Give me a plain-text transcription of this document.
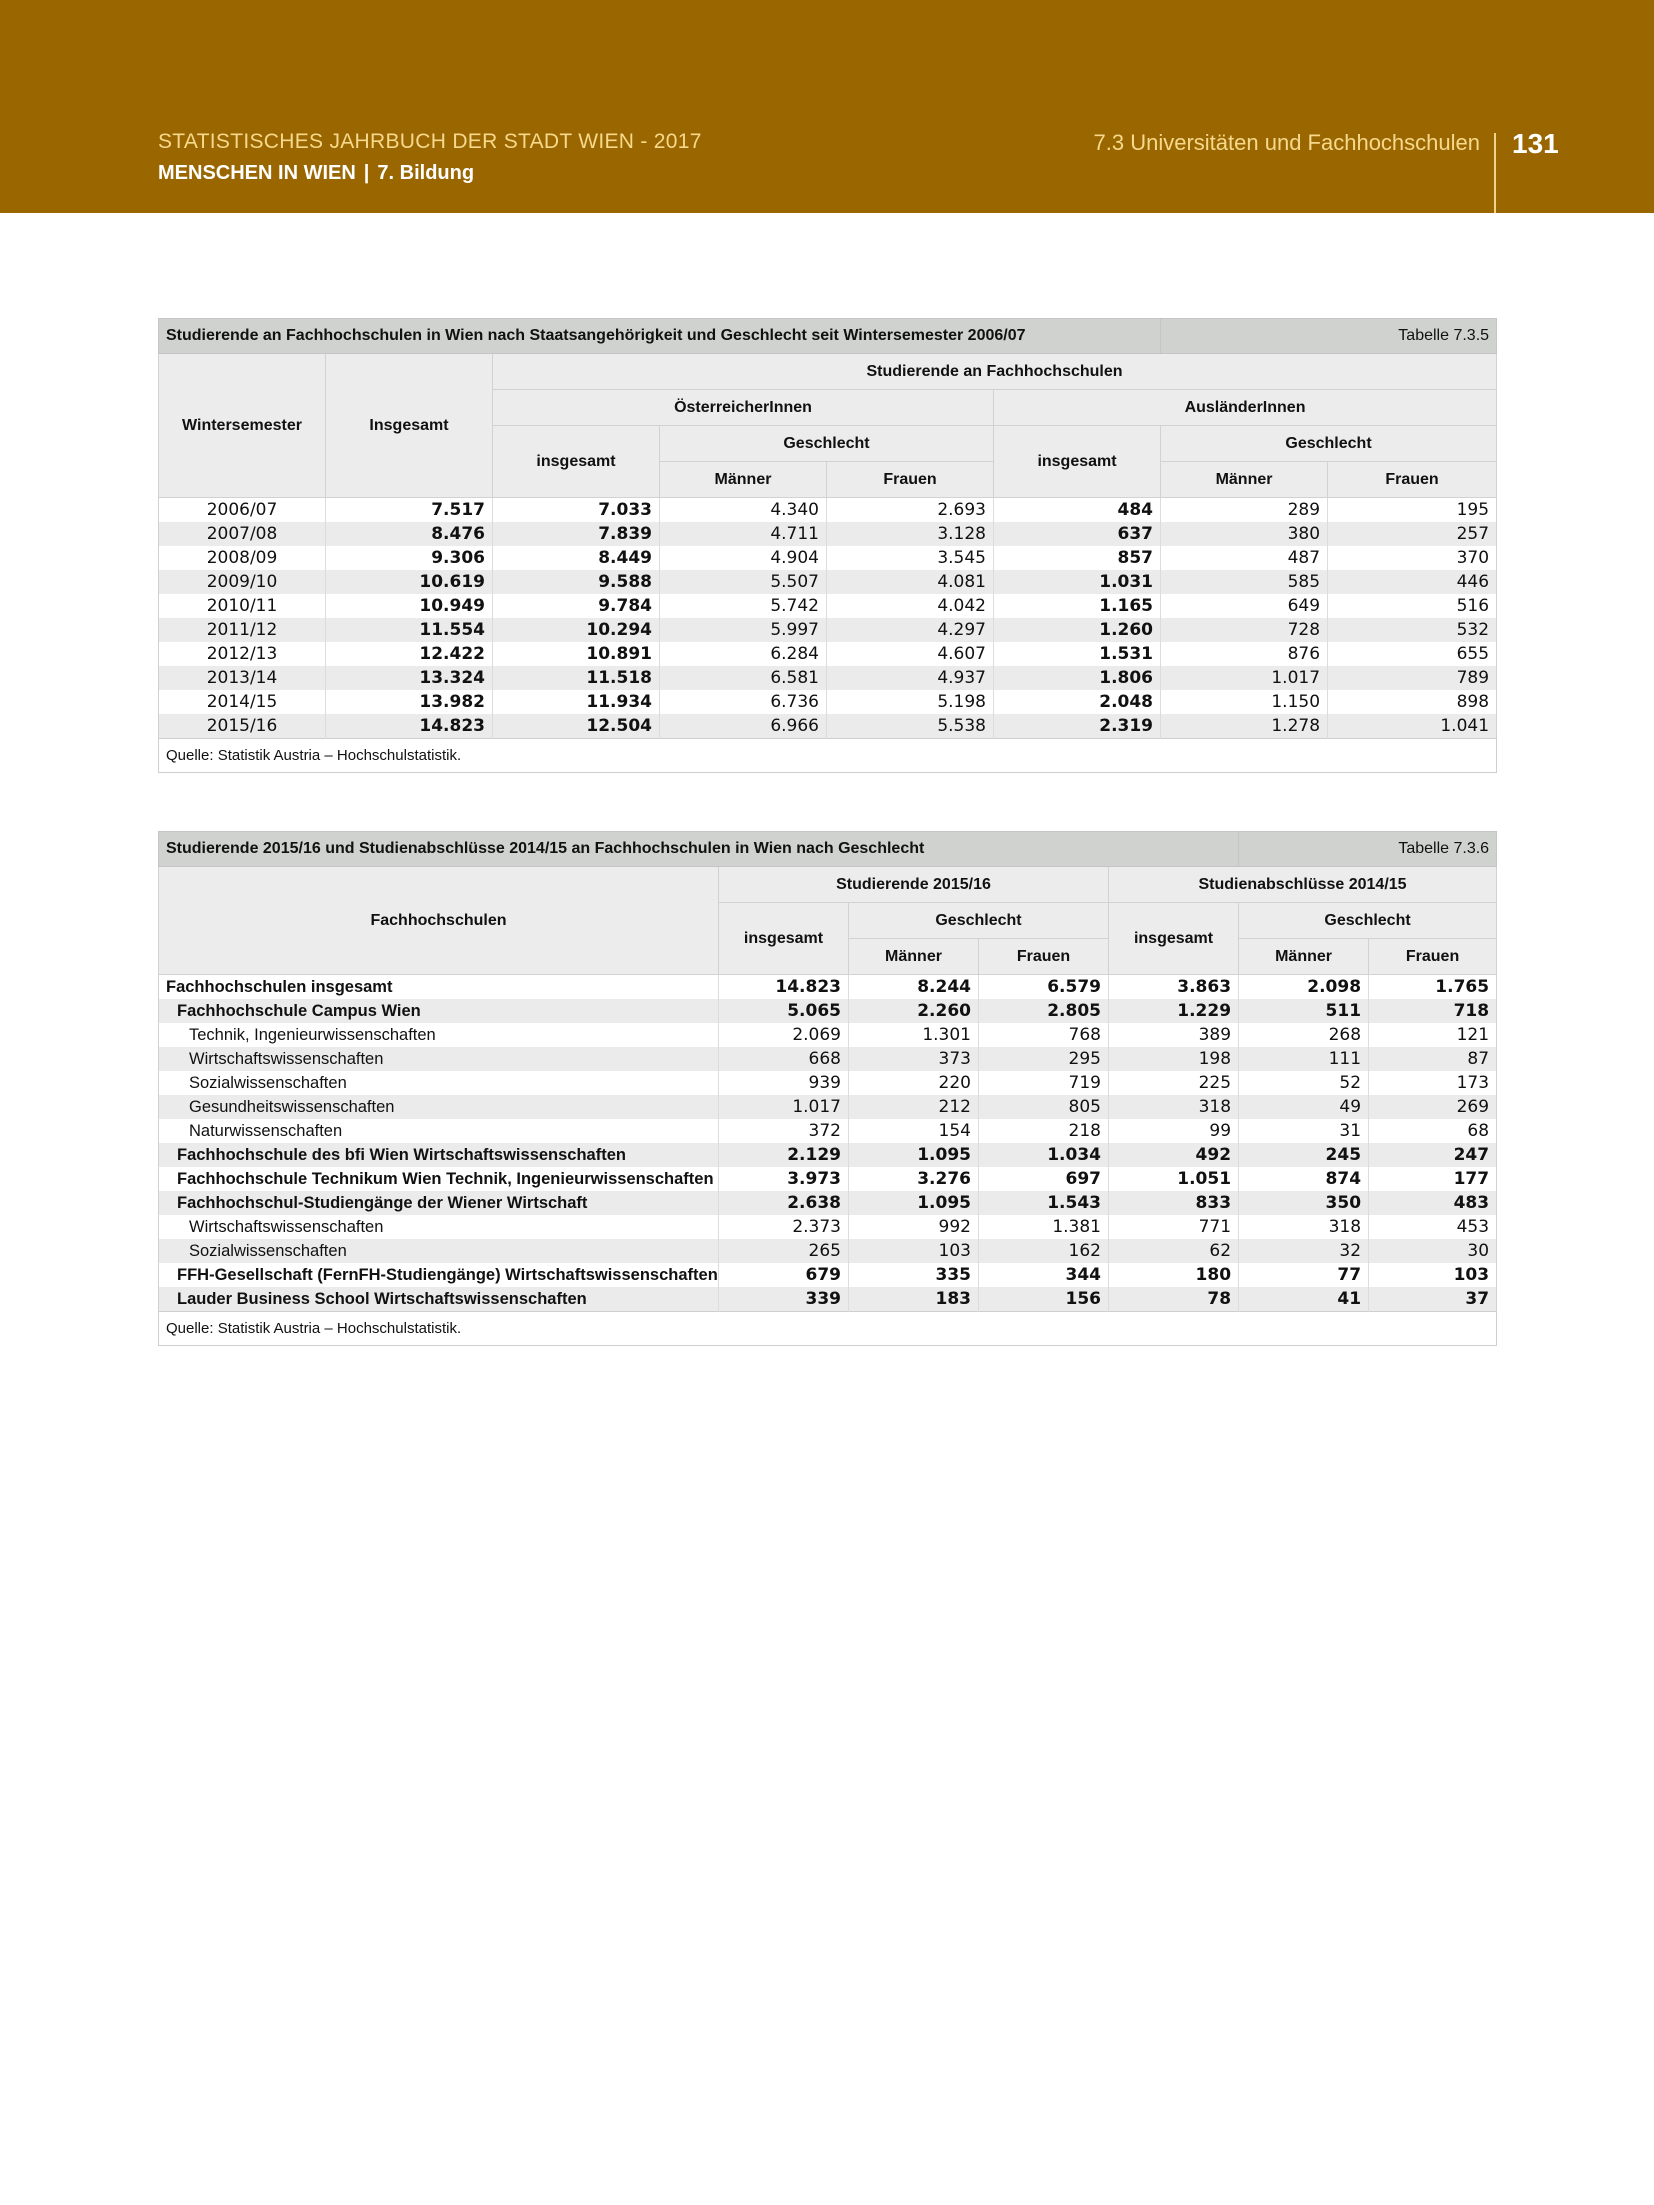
STATISTISCHES JAHRBUCH DER STADT WIEN - 2017
MENSCHEN IN WIEN | 7. Bildung
7.3 Universitäten und Fachhochschulen 131
Studierende an Fachhochschulen in Wien nach Staatsangehörigkeit und Geschlecht seit Wintersemester 2006/07						Tabelle 7.3.5	
Wintersemester	Insgesamt	Studierende an Fachhochschulen					
		ÖsterreicherInnen			AusländerInnen		
		insgesamt	Geschlecht		insgesamt	Geschlecht	
			Männer	Frauen		Männer	Frauen
2006/07	7.517	7.033	4.340	2.693	484	289	195
2007/08	8.476	7.839	4.711	3.128	637	380	257
2008/09	9.306	8.449	4.904	3.545	857	487	370
2009/10	10.619	9.588	5.507	4.081	1.031	585	446
2010/11	10.949	9.784	5.742	4.042	1.165	649	516
2011/12	11.554	10.294	5.997	4.297	1.260	728	532
2012/13	12.422	10.891	6.284	4.607	1.531	876	655
2013/14	13.324	11.518	6.581	4.937	1.806	1.017	789
2014/15	13.982	11.934	6.736	5.198	2.048	1.150	898
2015/16	14.823	12.504	6.966	5.538	2.319	1.278	1.041
Quelle: Statistik Austria – Hochschulstatistik.							
Studierende 2015/16 und Studienabschlüsse 2014/15 an Fachhochschulen in Wien nach Geschlecht					Tabelle 7.3.6	
Fachhochschulen	Studierende 2015/16			Studienabschlüsse 2014/15		
	insgesamt	Geschlecht		insgesamt	Geschlecht	
		Männer	Frauen		Männer	Frauen
Fachhochschulen insgesamt	14.823	8.244	6.579	3.863	2.098	1.765
Fachhochschule Campus Wien	5.065	2.260	2.805	1.229	511	718
Technik, Ingenieurwissenschaften	2.069	1.301	768	389	268	121
Wirtschaftswissenschaften	668	373	295	198	111	87
Sozialwissenschaften	939	220	719	225	52	173
Gesundheitswissenschaften	1.017	212	805	318	49	269
Naturwissenschaften	372	154	218	99	31	68
Fachhochschule des bfi Wien Wirtschaftswissenschaften	2.129	1.095	1.034	492	245	247
Fachhochschule Technikum Wien Technik, Ingenieurwissenschaften	3.973	3.276	697	1.051	874	177
Fachhochschul-Studiengänge der Wiener Wirtschaft	2.638	1.095	1.543	833	350	483
Wirtschaftswissenschaften	2.373	992	1.381	771	318	453
Sozialwissenschaften	265	103	162	62	32	30
FFH-Gesellschaft (FernFH-Studiengänge) Wirtschaftswissenschaften	679	335	344	180	77	103
Lauder Business School Wirtschaftswissenschaften	339	183	156	78	41	37
Quelle: Statistik Austria – Hochschulstatistik.						
